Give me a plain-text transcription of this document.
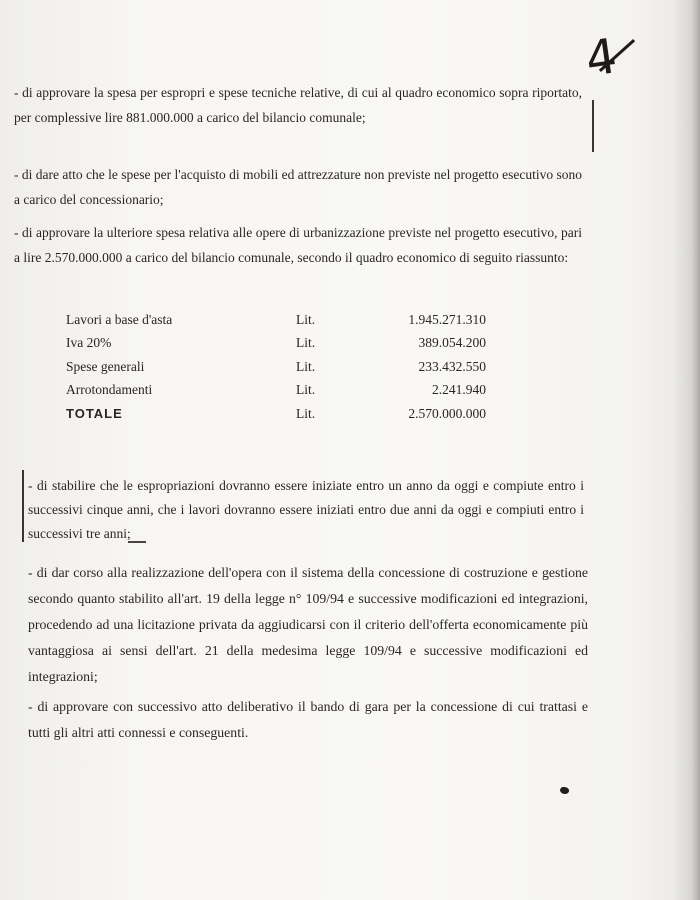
4

- di approvare la spesa per espropri e spese tecniche relative, di cui al quadro economico sopra riportato, per complessive lire 881.000.000 a carico del bilancio comunale;

- di dare atto che le spese per l'acquisto di mobili ed attrezzature non previste nel progetto esecutivo sono a carico del concessionario;

- di approvare la ulteriore spesa relativa alle opere di urbanizzazione previste nel progetto esecutivo, pari a lire 2.570.000.000 a carico del bilancio comunale, secondo il quadro economico di seguito riassunto:

Lavori a base d'asta	Lit.	1.945.271.310
Iva 20%	Lit.	389.054.200
Spese generali	Lit.	233.432.550
Arrotondamenti	Lit.	2.241.940
TOTALE	Lit.	2.570.000.000

- di stabilire che le espropriazioni dovranno essere iniziate entro un anno da oggi e compiute entro i successivi cinque anni, che i lavori dovranno essere iniziati entro due anni da oggi e compiuti entro i successivi tre anni;

- di dar corso alla realizzazione dell'opera con il sistema della concessione di costruzione e gestione secondo quanto stabilito all'art. 19 della legge n° 109/94 e successive modificazioni ed integrazioni, procedendo ad una licitazione privata da aggiudicarsi con il criterio dell'offerta economicamente più vantaggiosa ai sensi dell'art. 21 della medesima legge 109/94 e successive modificazioni ed integrazioni;

- di approvare con successivo atto deliberativo il bando di gara per la concessione di cui trattasi e tutti gli altri atti connessi e conseguenti.
